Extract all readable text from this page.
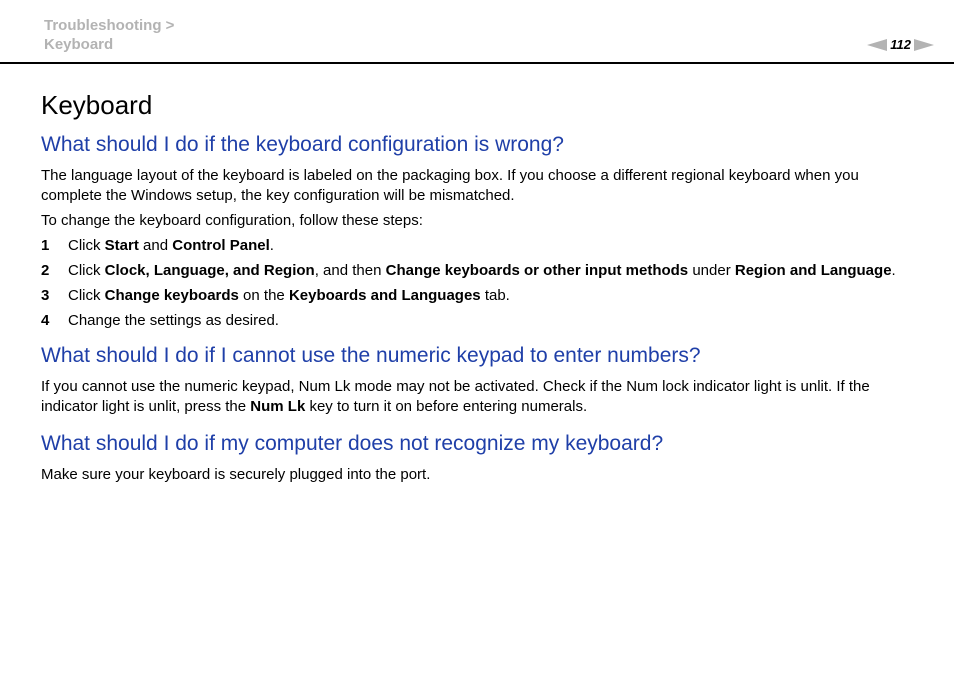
Troubleshooting >
Keyboard	112
Keyboard
What should I do if the keyboard configuration is wrong?

The language layout of the keyboard is labeled on the packaging box. If you choose a different regional keyboard when you complete the Windows setup, the key configuration will be mismatched.

To change the keyboard configuration, follow these steps:

1	Click Start and Control Panel.
2	Click Clock, Language, and Region, and then Change keyboards or other input methods under Region and Language.
3	Click Change keyboards on the Keyboards and Languages tab.
4	Change the settings as desired.
What should I do if I cannot use the numeric keypad to enter numbers?

If you cannot use the numeric keypad, Num Lk mode may not be activated. Check if the Num lock indicator light is unlit. If the indicator light is unlit, press the Num Lk key to turn it on before entering numerals.

What should I do if my computer does not recognize my keyboard?

Make sure your keyboard is securely plugged into the port.
